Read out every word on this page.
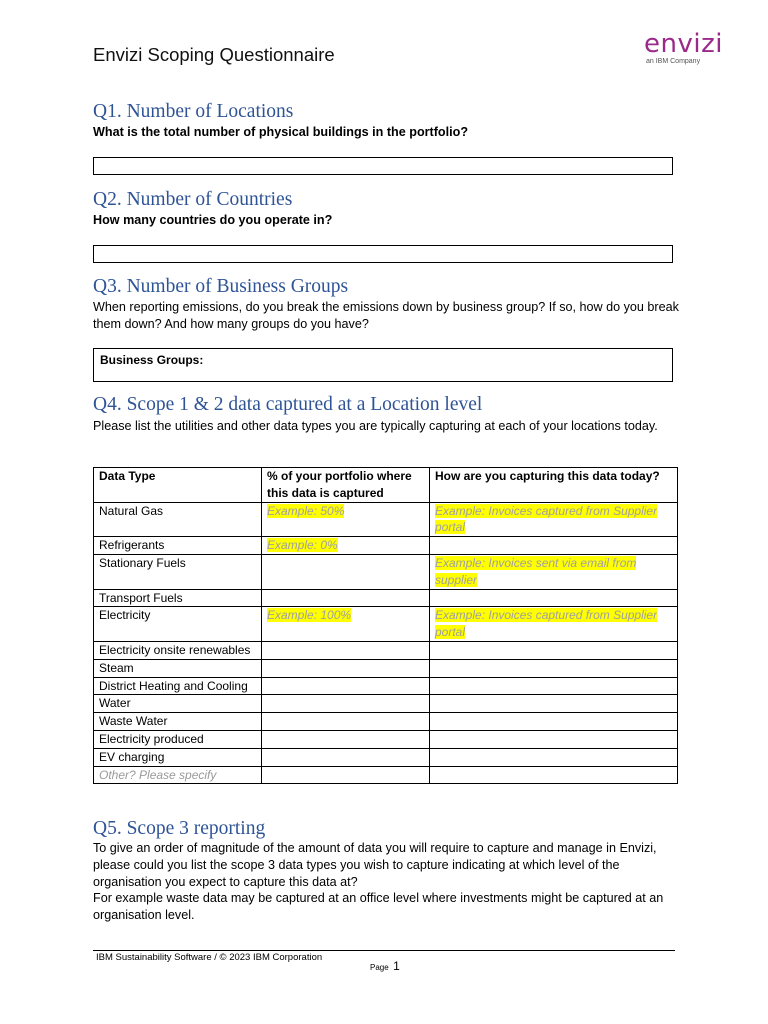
Envizi Scoping Questionnaire	envizi
an IBM Company
Q1. Number of Locations

What is the total number of physical buildings in the portfolio?

Q2. Number of Countries

How many countries do you operate in?

Q3. Number of Business Groups

When reporting emissions, do you break the emissions down by business group? If so, how do you break them down? And how many groups do you have?

Business Groups:
Q4. Scope 1 & 2 data captured at a Location level

Please list the utilities and other data types you are typically capturing at each of your locations today.

Data Type	% of your portfolio where this data is captured	How are you capturing this data today?
Natural Gas	Example: 50%	Example: Invoices captured from Supplier portal
Refrigerants	Example: 0%	
Stationary Fuels		Example: Invoices sent via email from supplier
Transport Fuels		
Electricity	Example: 100%	Example: Invoices captured from Supplier portal
Electricity onsite renewables		
Steam		
District Heating and Cooling		
Water		
Waste Water		
Electricity produced		
EV charging		
Other? Please specify		
Q5. Scope 3 reporting

To give an order of magnitude of the amount of data you will require to capture and manage in Envizi, please could you list the scope 3 data types you wish to capture indicating at which level of the organisation you expect to capture this data at?

For example waste data may be captured at an office level where investments might be captured at an organisation level.

IBM Sustainability Software / © 2023 IBM Corporation
Page 1
